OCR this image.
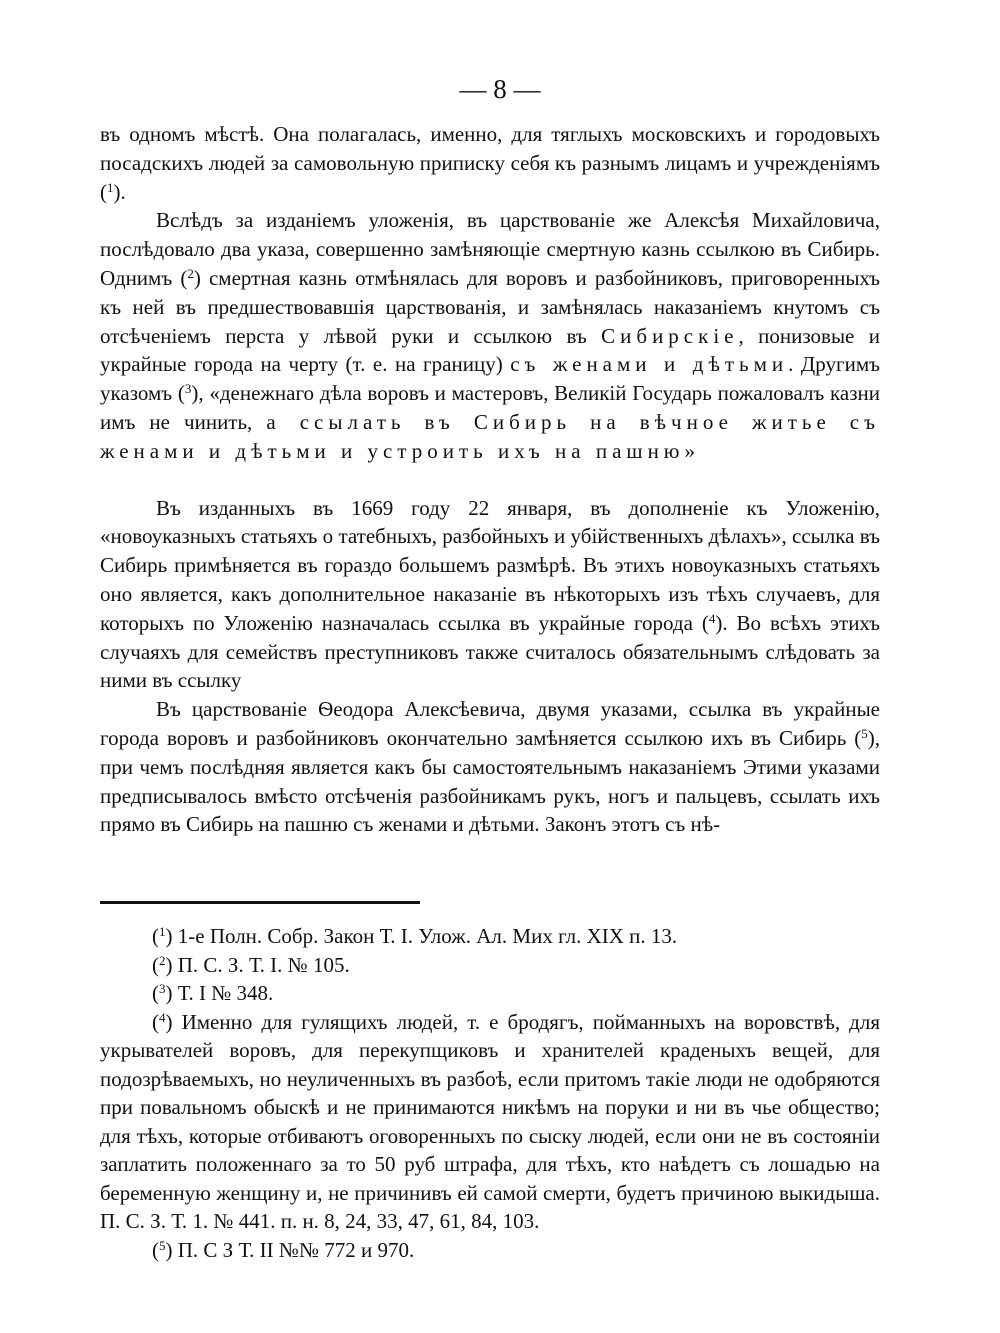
— 8 —

въ одномъ мѣстѣ. Она полагалась, именно, для тяглыхъ московскихъ и городовыхъ посадскихъ людей за самовольную приписку себя къ разнымъ лицамъ и учрежденіямъ ($^1$).

Вслѣдъ за изданіемъ уложенія, въ царствованіе же Алексѣя Михайловича, послѣдовало два указа, совершенно замѣняющіе смертную казнь ссылкою въ Сибирь. Однимъ ($^2$) смертная казнь отмѣнялась для воровъ и разбойниковъ, приговоренныхъ къ ней въ предшествовавшія царствованія, и замѣнялась наказаніемъ кнутомъ съ отсѣченіемъ перста у лѣвой руки и ссылкою въ Сибирскіе, понизовые и украйные города на черту (т. е. на границу) съ женами и дѣтьми. Другимъ указомъ ($^3$), «денежнаго дѣла воровъ и мастеровъ, Великій Государь пожаловалъ казни имъ не чинить, а ссылать въ Сибирь на вѣчное житье съ женами и дѣтьми и устроить ихъ на пашню»

Въ изданныхъ въ 1669 году 22 января, въ дополненіе къ Уложенію, «новоуказныхъ статьяхъ о татебныхъ, разбойныхъ и убійственныхъ дѣлахъ», ссылка въ Сибирь примѣняется въ гораздо большемъ размѣрѣ. Въ этихъ новоуказныхъ статьяхъ оно является, какъ дополнительное наказаніе въ нѣкоторыхъ изъ тѣхъ случаевъ, для которыхъ по Уложенію назначалась ссылка въ украйные города ($^4$). Во всѣхъ этихъ случаяхъ для семействъ преступниковъ также считалось обязательнымъ слѣдовать за ними въ ссылку

Въ царствованіе Ѳеодора Алексѣевича, двумя указами, ссылка въ украйные города воровъ и разбойниковъ окончательно замѣняется ссылкою ихъ въ Сибирь ($^5$), при чемъ послѣдняя является какъ бы самостоятельнымъ наказаніемъ Этими указами предписывалось вмѣсто отсѣченія разбойникамъ рукъ, ногъ и пальцевъ, ссылать ихъ прямо въ Сибирь на пашню съ женами и дѣтьми. Законъ этотъ съ нѣ-

($^1$) 1-е Полн. Собр. Закон Т. I. Улож. Ал. Мих гл. XIX п. 13.

($^2$) П. С. З. Т. I. № 105.

($^3$) Т. I № 348.

($^4$) Именно для гулящихъ людей, т. е бродягъ, пойманныхъ на воровствѣ, для укрывателей воровъ, для перекупщиковъ и хранителей краденыхъ вещей, для подозрѣваемыхъ, но неуличенныхъ въ разбоѣ, если притомъ такіе люди не одобряются при повальномъ обыскѣ и не принимаются никѣмъ на поруки и ни въ чье общество; для тѣхъ, которые отбиваютъ оговоренныхъ по сыску людей, если они не въ состояніи заплатить положеннаго за то 50 руб штрафа, для тѣхъ, кто наѣдетъ съ лошадью на беременную женщину и, не причинивъ ей самой смерти, будетъ причиною выкидыша. П. С. З. Т. 1. № 441. п. н. 8, 24, 33, 47, 61, 84, 103.

($^5$) П. С З Т. II №№ 772 и 970.
